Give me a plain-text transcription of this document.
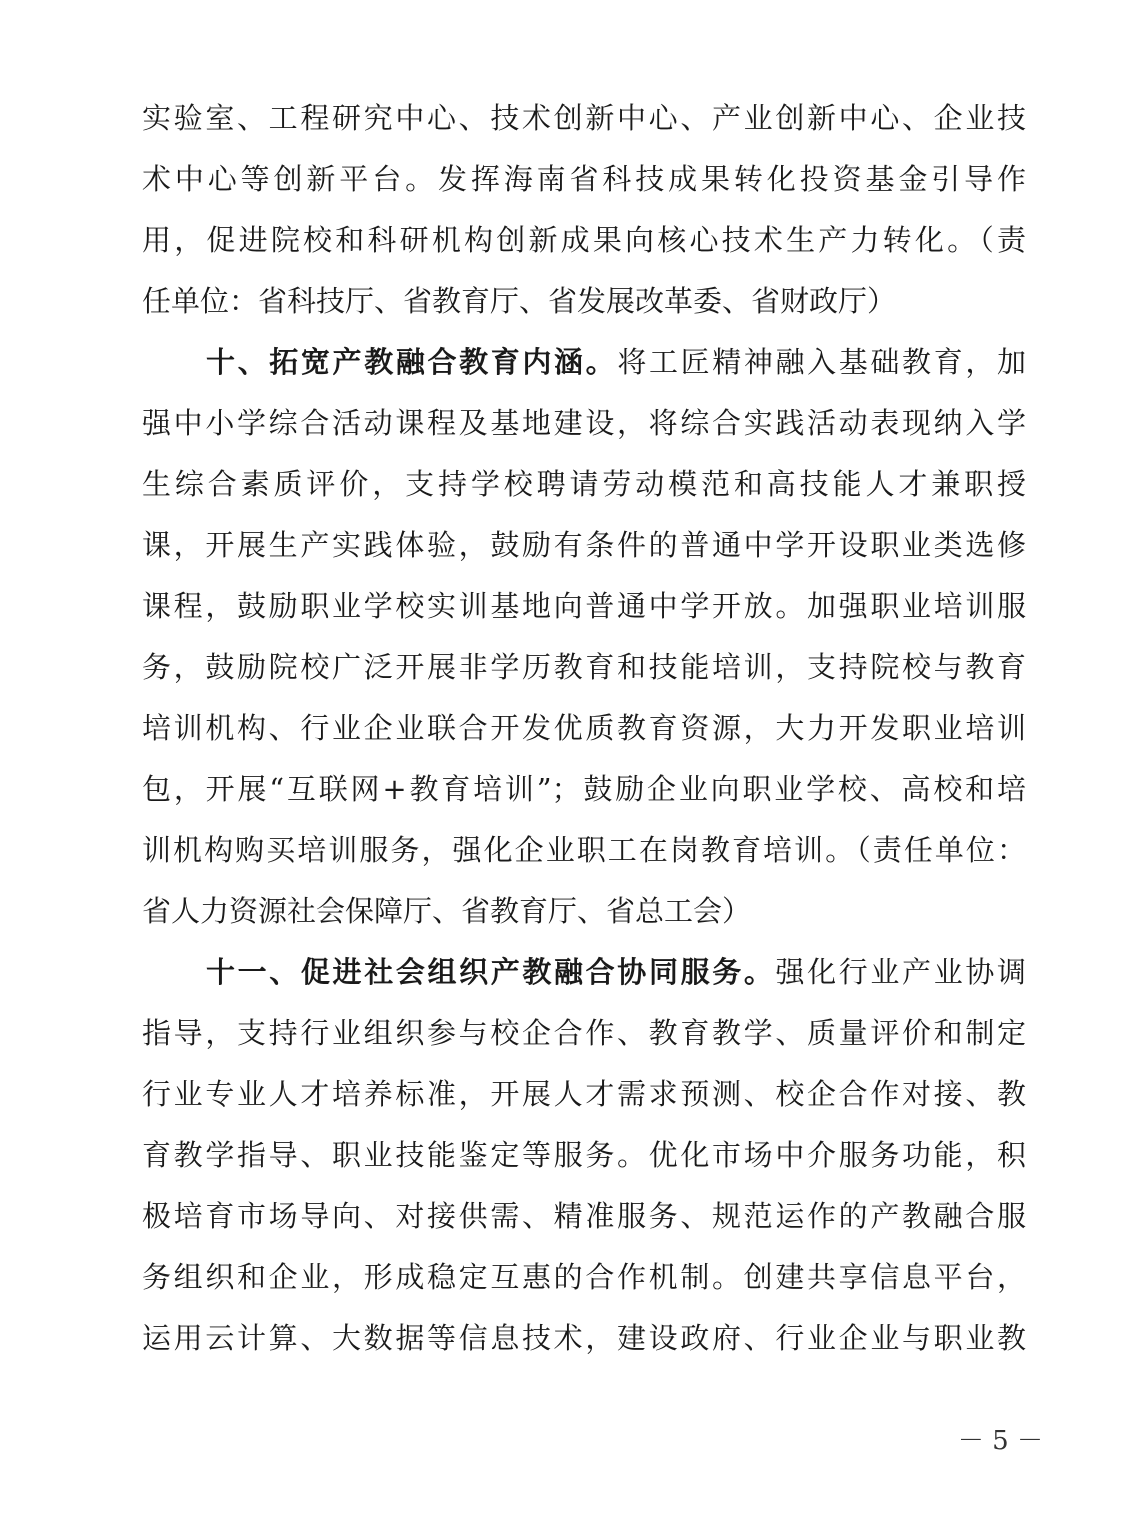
实验室、工程研究中心、技术创新中心、产业创新中心、企业技
术中心等创新平台。发挥海南省科技成果转化投资基金引导作
用，促进院校和科研机构创新成果向核心技术生产力转化。（责
任单位：省科技厅、省教育厅、省发展改革委、省财政厅）
十、拓宽产教融合教育内涵。将工匠精神融入基础教育，加
强中小学综合活动课程及基地建设，将综合实践活动表现纳入学
生综合素质评价，支持学校聘请劳动模范和高技能人才兼职授
课，开展生产实践体验，鼓励有条件的普通中学开设职业类选修
课程，鼓励职业学校实训基地向普通中学开放。加强职业培训服
务，鼓励院校广泛开展非学历教育和技能培训，支持院校与教育
培训机构、行业企业联合开发优质教育资源，大力开发职业培训
包，开展“互联网+教育培训”；鼓励企业向职业学校、高校和培
训机构购买培训服务，强化企业职工在岗教育培训。（责任单位：
省人力资源社会保障厅、省教育厅、省总工会）
十一、促进社会组织产教融合协同服务。强化行业产业协调
指导，支持行业组织参与校企合作、教育教学、质量评价和制定
行业专业人才培养标准，开展人才需求预测、校企合作对接、教
育教学指导、职业技能鉴定等服务。优化市场中介服务功能，积
极培育市场导向、对接供需、精准服务、规范运作的产教融合服
务组织和企业，形成稳定互惠的合作机制。创建共享信息平台，
运用云计算、大数据等信息技术，建设政府、行业企业与职业教
－ 5 －
